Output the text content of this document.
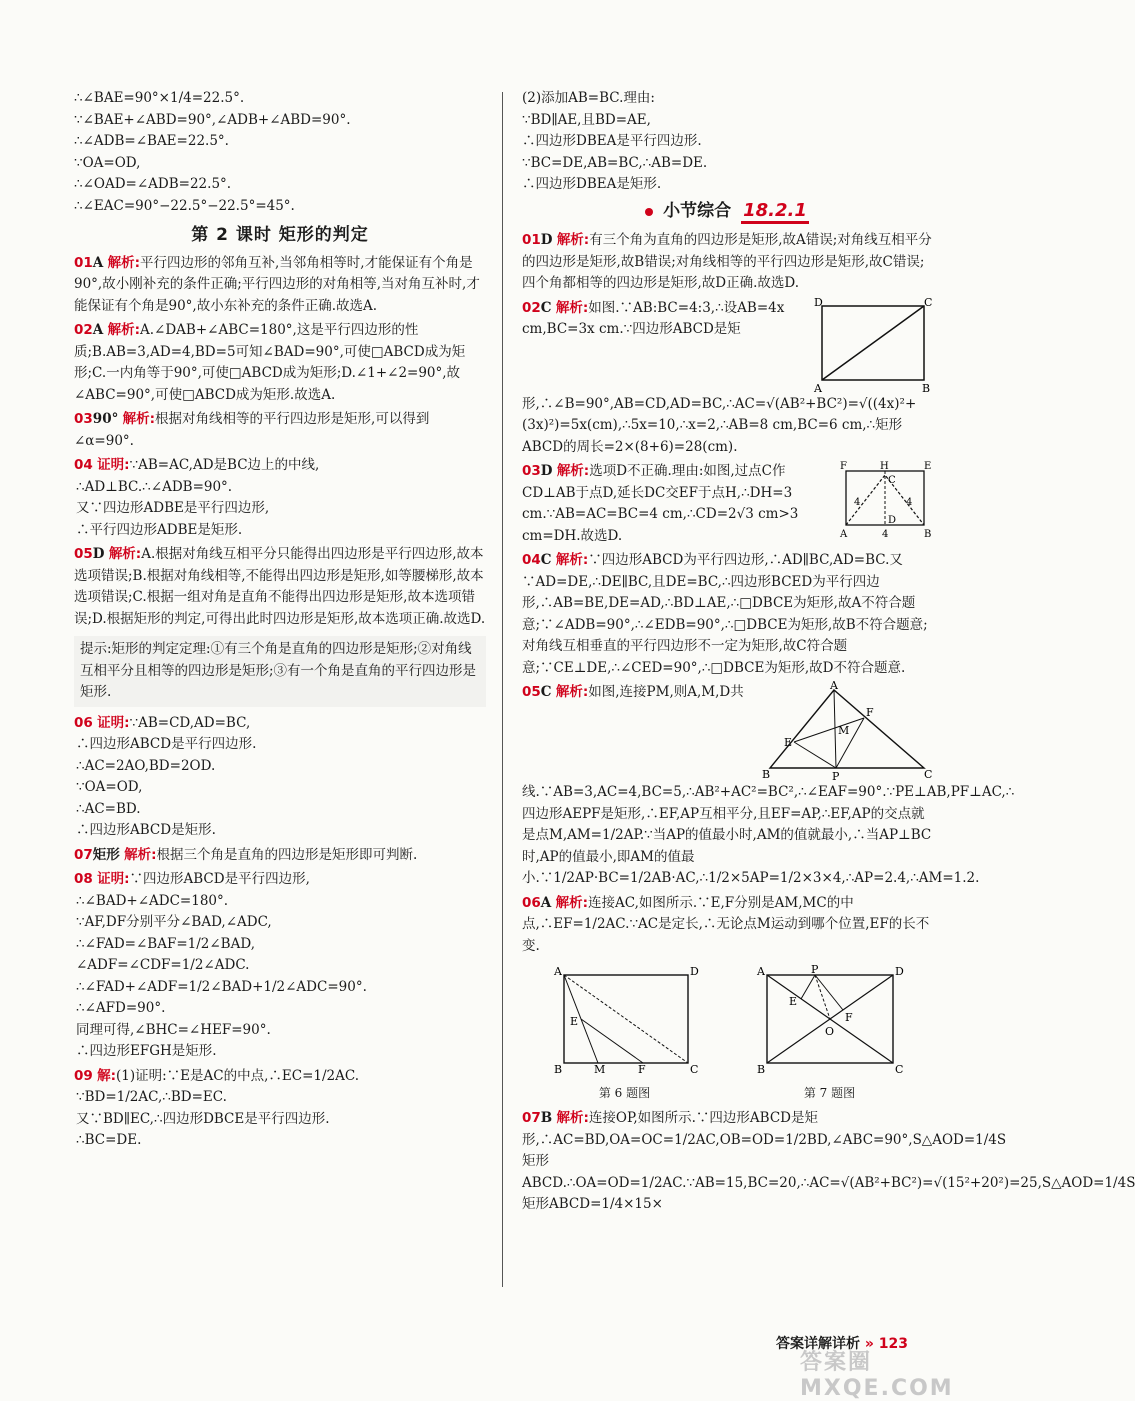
∴∠BAE=90°×1/4=22.5°.
∵∠BAE+∠ABD=90°,∠ADB+∠ABD=90°.
∴∠ADB=∠BAE=22.5°.
∵OA=OD,
∴∠OAD=∠ADB=22.5°.
∴∠EAC=90°−22.5°−22.5°=45°.
第 2 课时 矩形的判定
01A 解析:平行四边形的邻角互补,当邻角相等时,才能保证有个角是90°,故小刚补充的条件正确;平行四边形的对角相等,当对角互补时,才能保证有个角是90°,故小东补充的条件正确.故选A.
02A 解析:A.∠DAB+∠ABC=180°,这是平行四边形的性质;B.AB=3,AD=4,BD=5可知∠BAD=90°,可使□ABCD成为矩形;C.一内角等于90°,可使□ABCD成为矩形;D.∠1+∠2=90°,故∠ABC=90°,可使□ABCD成为矩形.故选A.
0390° 解析:根据对角线相等的平行四边形是矩形,可以得到∠α=90°.
04 证明:∵AB=AC,AD是BC边上的中线,
∴AD⊥BC.∴∠ADB=90°.
又∵四边形ADBE是平行四边形,
∴平行四边形ADBE是矩形.
05D 解析:A.根据对角线互相平分只能得出四边形是平行四边形,故本选项错误;B.根据对角线相等,不能得出四边形是矩形,如等腰梯形,故本选项错误;C.根据一组对角是直角不能得出四边形是矩形,故本选项错误;D.根据矩形的判定,可得出此时四边形是矩形,故本选项正确.故选D.
提示:矩形的判定定理:①有三个角是直角的四边形是矩形;②对角线互相平分且相等的四边形是矩形;③有一个角是直角的平行四边形是矩形.
06 证明:∵AB=CD,AD=BC,
∴四边形ABCD是平行四边形.
∴AC=2AO,BD=2OD.
∵OA=OD,
∴AC=BD.
∴四边形ABCD是矩形.
07矩形 解析:根据三个角是直角的四边形是矩形即可判断.
08 证明:∵四边形ABCD是平行四边形,
∴∠BAD+∠ADC=180°.
∵AF,DF分别平分∠BAD,∠ADC,
∴∠FAD=∠BAF=1/2∠BAD,
∠ADF=∠CDF=1/2∠ADC.
∴∠FAD+∠ADF=1/2∠BAD+1/2∠ADC=90°.
∴∠AFD=90°.
同理可得,∠BHC=∠HEF=90°.
∴四边形EFGH是矩形.
09 解:(1)证明:∵E是AC的中点,∴EC=1/2AC.
∵BD=1/2AC,∴BD=EC.
又∵BD∥EC,∴四边形DBCE是平行四边形.
∴BC=DE.
(2)添加AB=BC.理由:
∵BD∥AE,且BD=AE,
∴四边形DBEA是平行四边形.
∵BC=DE,AB=BC,∴AB=DE.
∴四边形DBEA是矩形.
小节综合 18.2.1
01D 解析:有三个角为直角的四边形是矩形,故A错误;对角线互相平分的四边形是矩形,故B错误;对角线相等的平行四边形是矩形,故C错误;四个角都相等的四边形是矩形,故D正确.故选D.
D	C
A	B
02C 解析:如图.∵AB:BC=4:3,∴设AB=4x cm,BC=3x cm.∵四边形ABCD是矩形,∴∠B=90°,AB=CD,AD=BC,∴AC=√(AB²+BC²)=√((4x)²+(3x)²)=5x(cm),∴5x=10,∴x=2,∴AB=8 cm,BC=6 cm,∴矩形ABCD的周长=2×(8+6)=28(cm).
F	H	E
C
4	4
D
A	4	B
03D 解析:选项D不正确.理由:如图,过点C作CD⊥AB于点D,延长DC交EF于点H,∴DH=3 cm.∵AB=AC=BC=4 cm,∴CD=2√3 cm>3 cm=DH.故选D.
04C 解析:∵四边形ABCD为平行四边形,∴AD∥BC,AD=BC.又∵AD=DE,∴DE∥BC,且DE=BC,∴四边形BCED为平行四边形,∴AB=BE,DE=AD,∴BD⊥AE,∴□DBCE为矩形,故A不符合题意;∵∠ADB=90°,∴∠EDB=90°,∴□DBCE为矩形,故B不符合题意;对角线互相垂直的平行四边形不一定为矩形,故C符合题意;∵CE⊥DE,∴∠CED=90°,∴□DBCE为矩形,故D不符合题意.
A
F
E
M
B	P	C
05C 解析:如图,连接PM,则A,M,D共线.∵AB=3,AC=4,BC=5,∴AB²+AC²=BC²,∴∠EAF=90°.∵PE⊥AB,PF⊥AC,∴四边形AEPF是矩形,∴EF,AP互相平分,且EF=AP,∴EF,AP的交点就是点M,AM=1/2AP.∵当AP的值最小时,AM的值就最小,∴当AP⊥BC时,AP的值最小,即AM的值最小.∵1/2AP·BC=1/2AB·AC,∴1/2×5AP=1/2×3×4,∴AP=2.4,∴AM=1.2.
06A 解析:连接AC,如图所示.∵E,F分别是AM,MC的中点,∴EF=1/2AC.∵AC是定长,∴无论点M运动到哪个位置,EF的长不变.
A	D
E
B	M	F	C
第 6 题图
A	P	D
E
O
F
B	C
第 7 题图
07B 解析:连接OP,如图所示.∵四边形ABCD是矩形,∴AC=BD,OA=OC=1/2AC,OB=OD=1/2BD,∠ABC=90°,S△AOD=1/4S矩形ABCD.∴OA=OD=1/2AC.∵AB=15,BC=20,∴AC=√(AB²+BC²)=√(15²+20²)=25,S△AOD=1/4S矩形ABCD=1/4×15×
答案详解详析 » 123
答案圈 MXQE.COM
